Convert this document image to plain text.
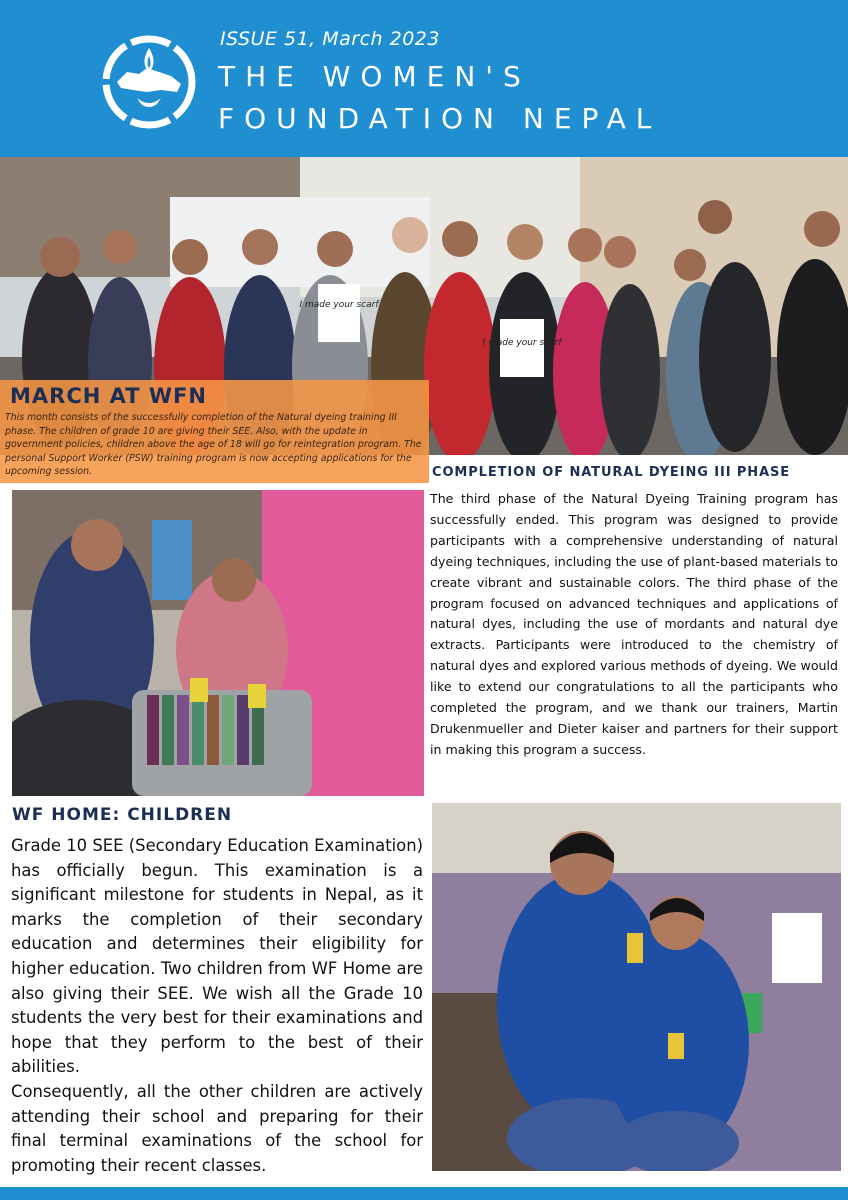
ISSUE 51, March 2023
THE WOMEN'S
FOUNDATION NEPAL
I made your scarf
I made your scarf
MARCH AT WFN
This month consists of the successfully completion of the Natural dyeing training III phase. The children of grade 10 are giving their SEE. Also, with the update in government policies, children above the age of 18 will go for reintegration program. The personal Support Worker (PSW) training program is now accepting applications for the upcoming session.	COMPLETION OF NATURAL DYEING III PHASE
The third phase of the Natural Dyeing Training program has successfully ended. This program was designed to provide participants with a comprehensive understanding of natural dyeing techniques, including the use of plant-based materials to create vibrant and sustainable colors. The third phase of the program focused on advanced techniques and applications of natural dyes, including the use of mordants and natural dye extracts. Participants were introduced to the chemistry of natural dyes and explored various methods of dyeing. We would like to extend our congratulations to all the participants who completed the program, and we thank our trainers, Martin Drukenmueller and Dieter kaiser and partners for their support in making this program a success.
WF HOME: CHILDREN

Grade 10 SEE (Secondary Education Examination) has officially begun. This examination is a significant milestone for students in Nepal, as it marks the completion of their secondary education and determines their eligibility for higher education. Two children from WF Home are also giving their SEE. We wish all the Grade 10 students the very best for their examinations and hope that they perform to the best of their abilities.

Consequently, all the other children are actively attending their school and preparing for their final terminal examinations of the school for promoting their recent classes.
